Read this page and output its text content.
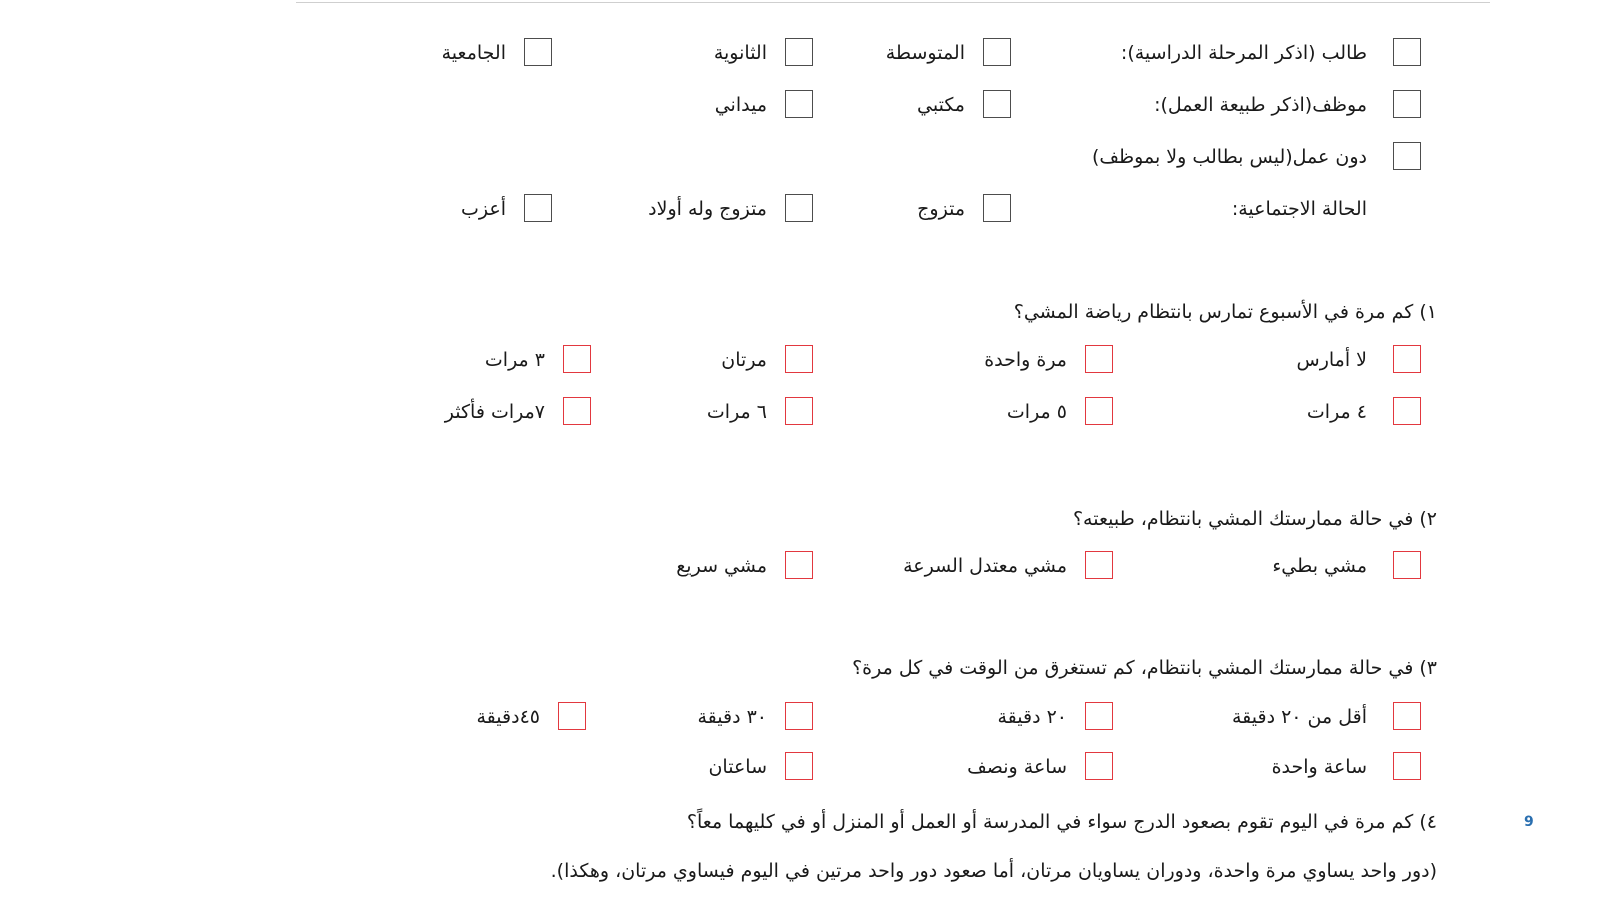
طالب (اذكر المرحلة الدراسية):
المتوسطة
الثانوية
الجامعية
موظف(اذكر طبيعة العمل):
مكتبي
ميداني
دون عمل(ليس بطالب ولا بموظف)
الحالة الاجتماعية:
متزوج
متزوج وله أولاد
أعزب
١) كم مرة في الأسبوع تمارس بانتظام رياضة المشي؟
لا أمارس
مرة واحدة
مرتان
٣ مرات
٤ مرات
٥ مرات
٦ مرات
٧مرات فأكثر
٢) في حالة ممارستك المشي بانتظام، طبيعته؟
مشي بطيء
مشي معتدل السرعة
مشي سريع
٣) في حالة ممارستك المشي بانتظام، كم تستغرق من الوقت في كل مرة؟
أقل من ٢٠ دقيقة
٢٠ دقيقة
٣٠ دقيقة
٤٥دقيقة
ساعة واحدة
ساعة ونصف
ساعتان
٤) كم مرة في اليوم تقوم بصعود الدرج سواء في المدرسة أو العمل أو المنزل أو في كليهما معاً؟
(دور واحد يساوي مرة واحدة، ودوران يساويان مرتان، أما صعود دور واحد مرتين في اليوم فيساوي مرتان، وهكذا).
9
